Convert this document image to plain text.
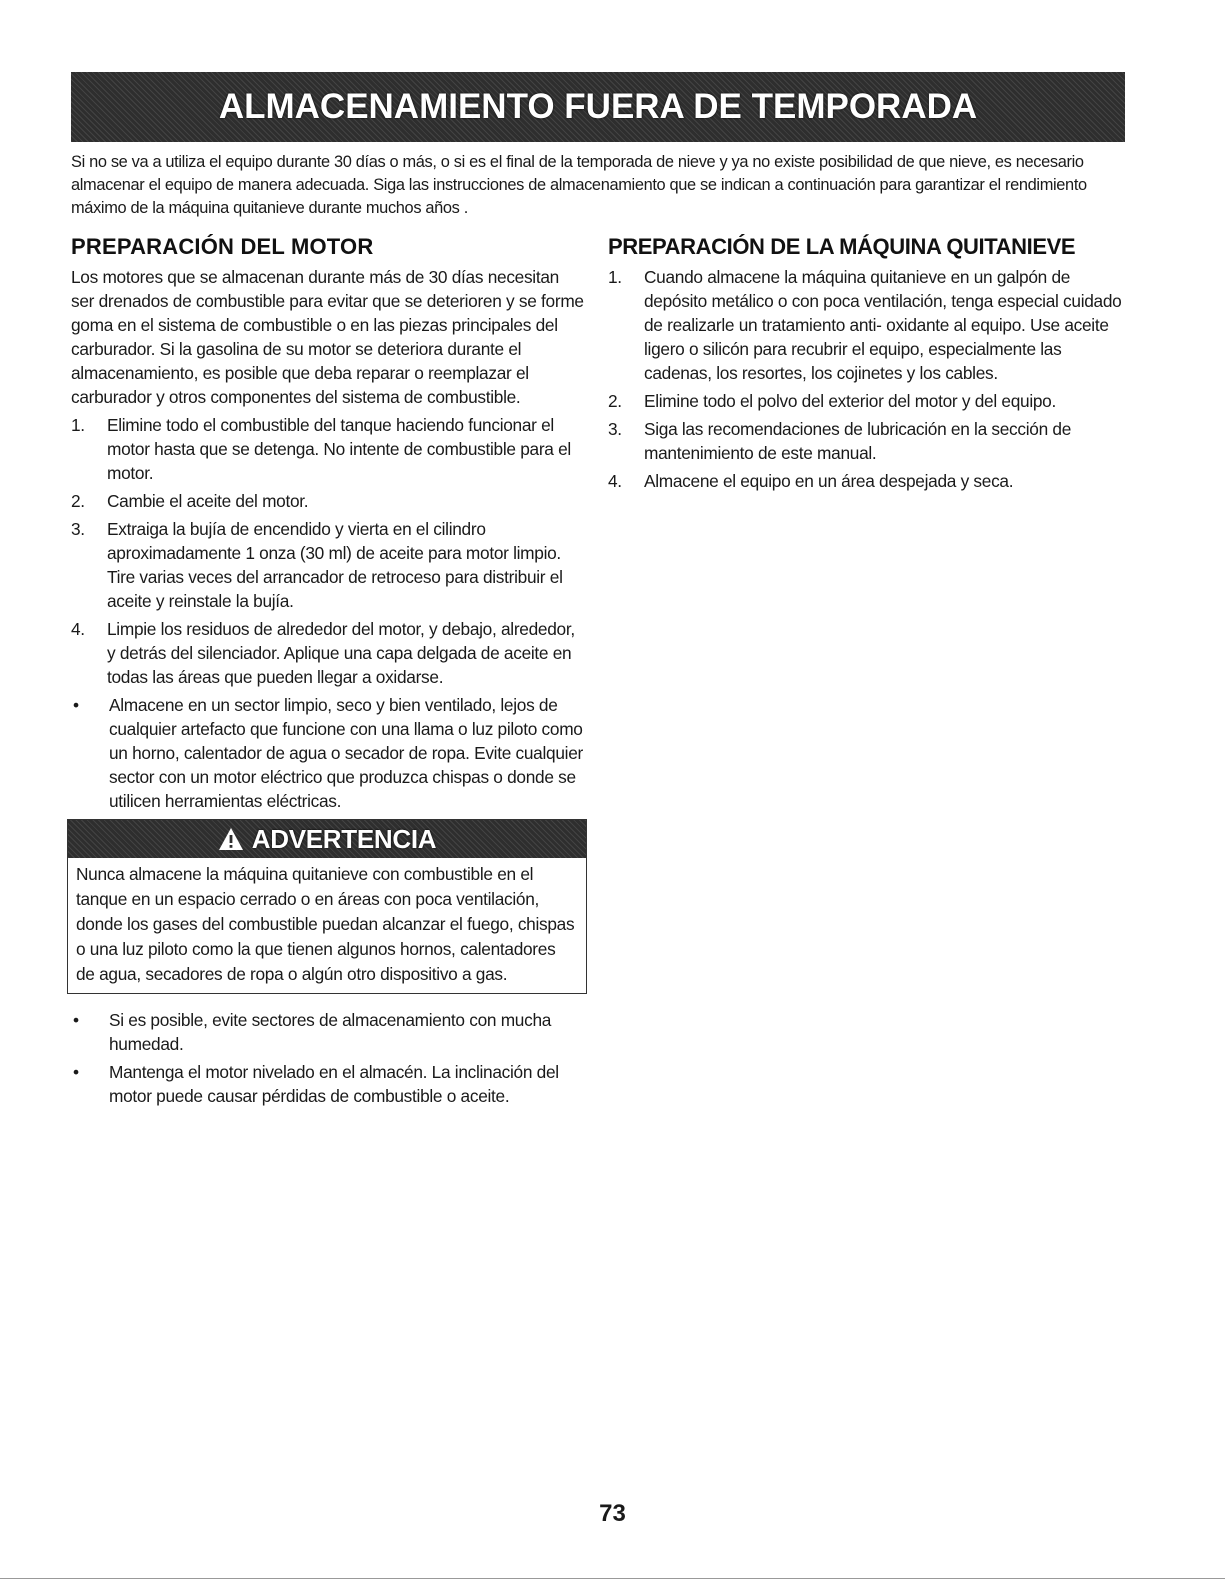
ALMACENAMIENTO FUERA DE TEMPORADA

Si no se va a utiliza el equipo durante 30 días o más, o si es el final de la temporada de nieve y ya no existe posibilidad de que nieve, es necesario almacenar el equipo de manera adecuada. Siga las instrucciones de almacenamiento que se indican a continuación para garantizar el rendimiento máximo de la máquina quitanieve durante muchos años .

PREPARACIÓN DEL MOTOR

Los motores que se almacenan durante más de 30 días necesitan ser drenados de combustible para evitar que se deterioren y se forme goma en el sistema de combustible o en las piezas principales del carburador. Si la gasolina de su motor se deteriora durante el almacenamiento, es posible que deba reparar o reemplazar el carburador y otros componentes del sistema de combustible.

1.	Elimine todo el combustible del tanque haciendo funcionar el motor hasta que se detenga. No intente de combustible para el motor.
2.	Cambie el aceite del motor.
3.	Extraiga la bujía de encendido y vierta en el cilindro aproximadamente 1 onza (30 ml) de aceite para motor limpio. Tire varias veces del arrancador de retroceso para distribuir el aceite y reinstale la bujía.
4.	Limpie los residuos de alrededor del motor, y debajo, alrededor, y detrás del silenciador. Aplique una capa delgada de aceite en todas las áreas que pueden llegar a oxidarse.
•	Almacene en un sector limpio, seco y bien ventilado, lejos de cualquier artefacto que funcione con una llama o luz piloto como un horno, calentador de agua o secador de ropa. Evite cualquier sector con un motor eléctrico que produzca chispas o donde se utilicen herramientas eléctricas.
ADVERTENCIA
Nunca almacene la máquina quitanieve con combustible en el tanque en un espacio cerrado o en áreas con poca ventilación, donde los gases del combustible puedan alcanzar el fuego, chispas o una luz piloto como la que tienen algunos hornos, calentadores de agua, secadores de ropa o algún otro dispositivo a gas.
•	Si es posible, evite sectores de almacenamiento con mucha humedad.
•	Mantenga el motor nivelado en el almacén. La inclinación del motor puede causar pérdidas de combustible o aceite.
PREPARACIÓN DE LA MÁQUINA QUITANIEVE
1.	Cuando almacene la máquina quitanieve en un galpón de depósito metálico o con poca ventilación, tenga especial cuidado de realizarle un tratamiento anti- oxidante al equipo. Use aceite ligero o silicón para recubrir el equipo, especialmente las cadenas, los resortes, los cojinetes y los cables.
2.	Elimine todo el polvo del exterior del motor y del equipo.
3.	Siga las recomendaciones de lubricación en la sección de mantenimiento de este manual.
4.	Almacene el equipo en un área despejada y seca.
73
